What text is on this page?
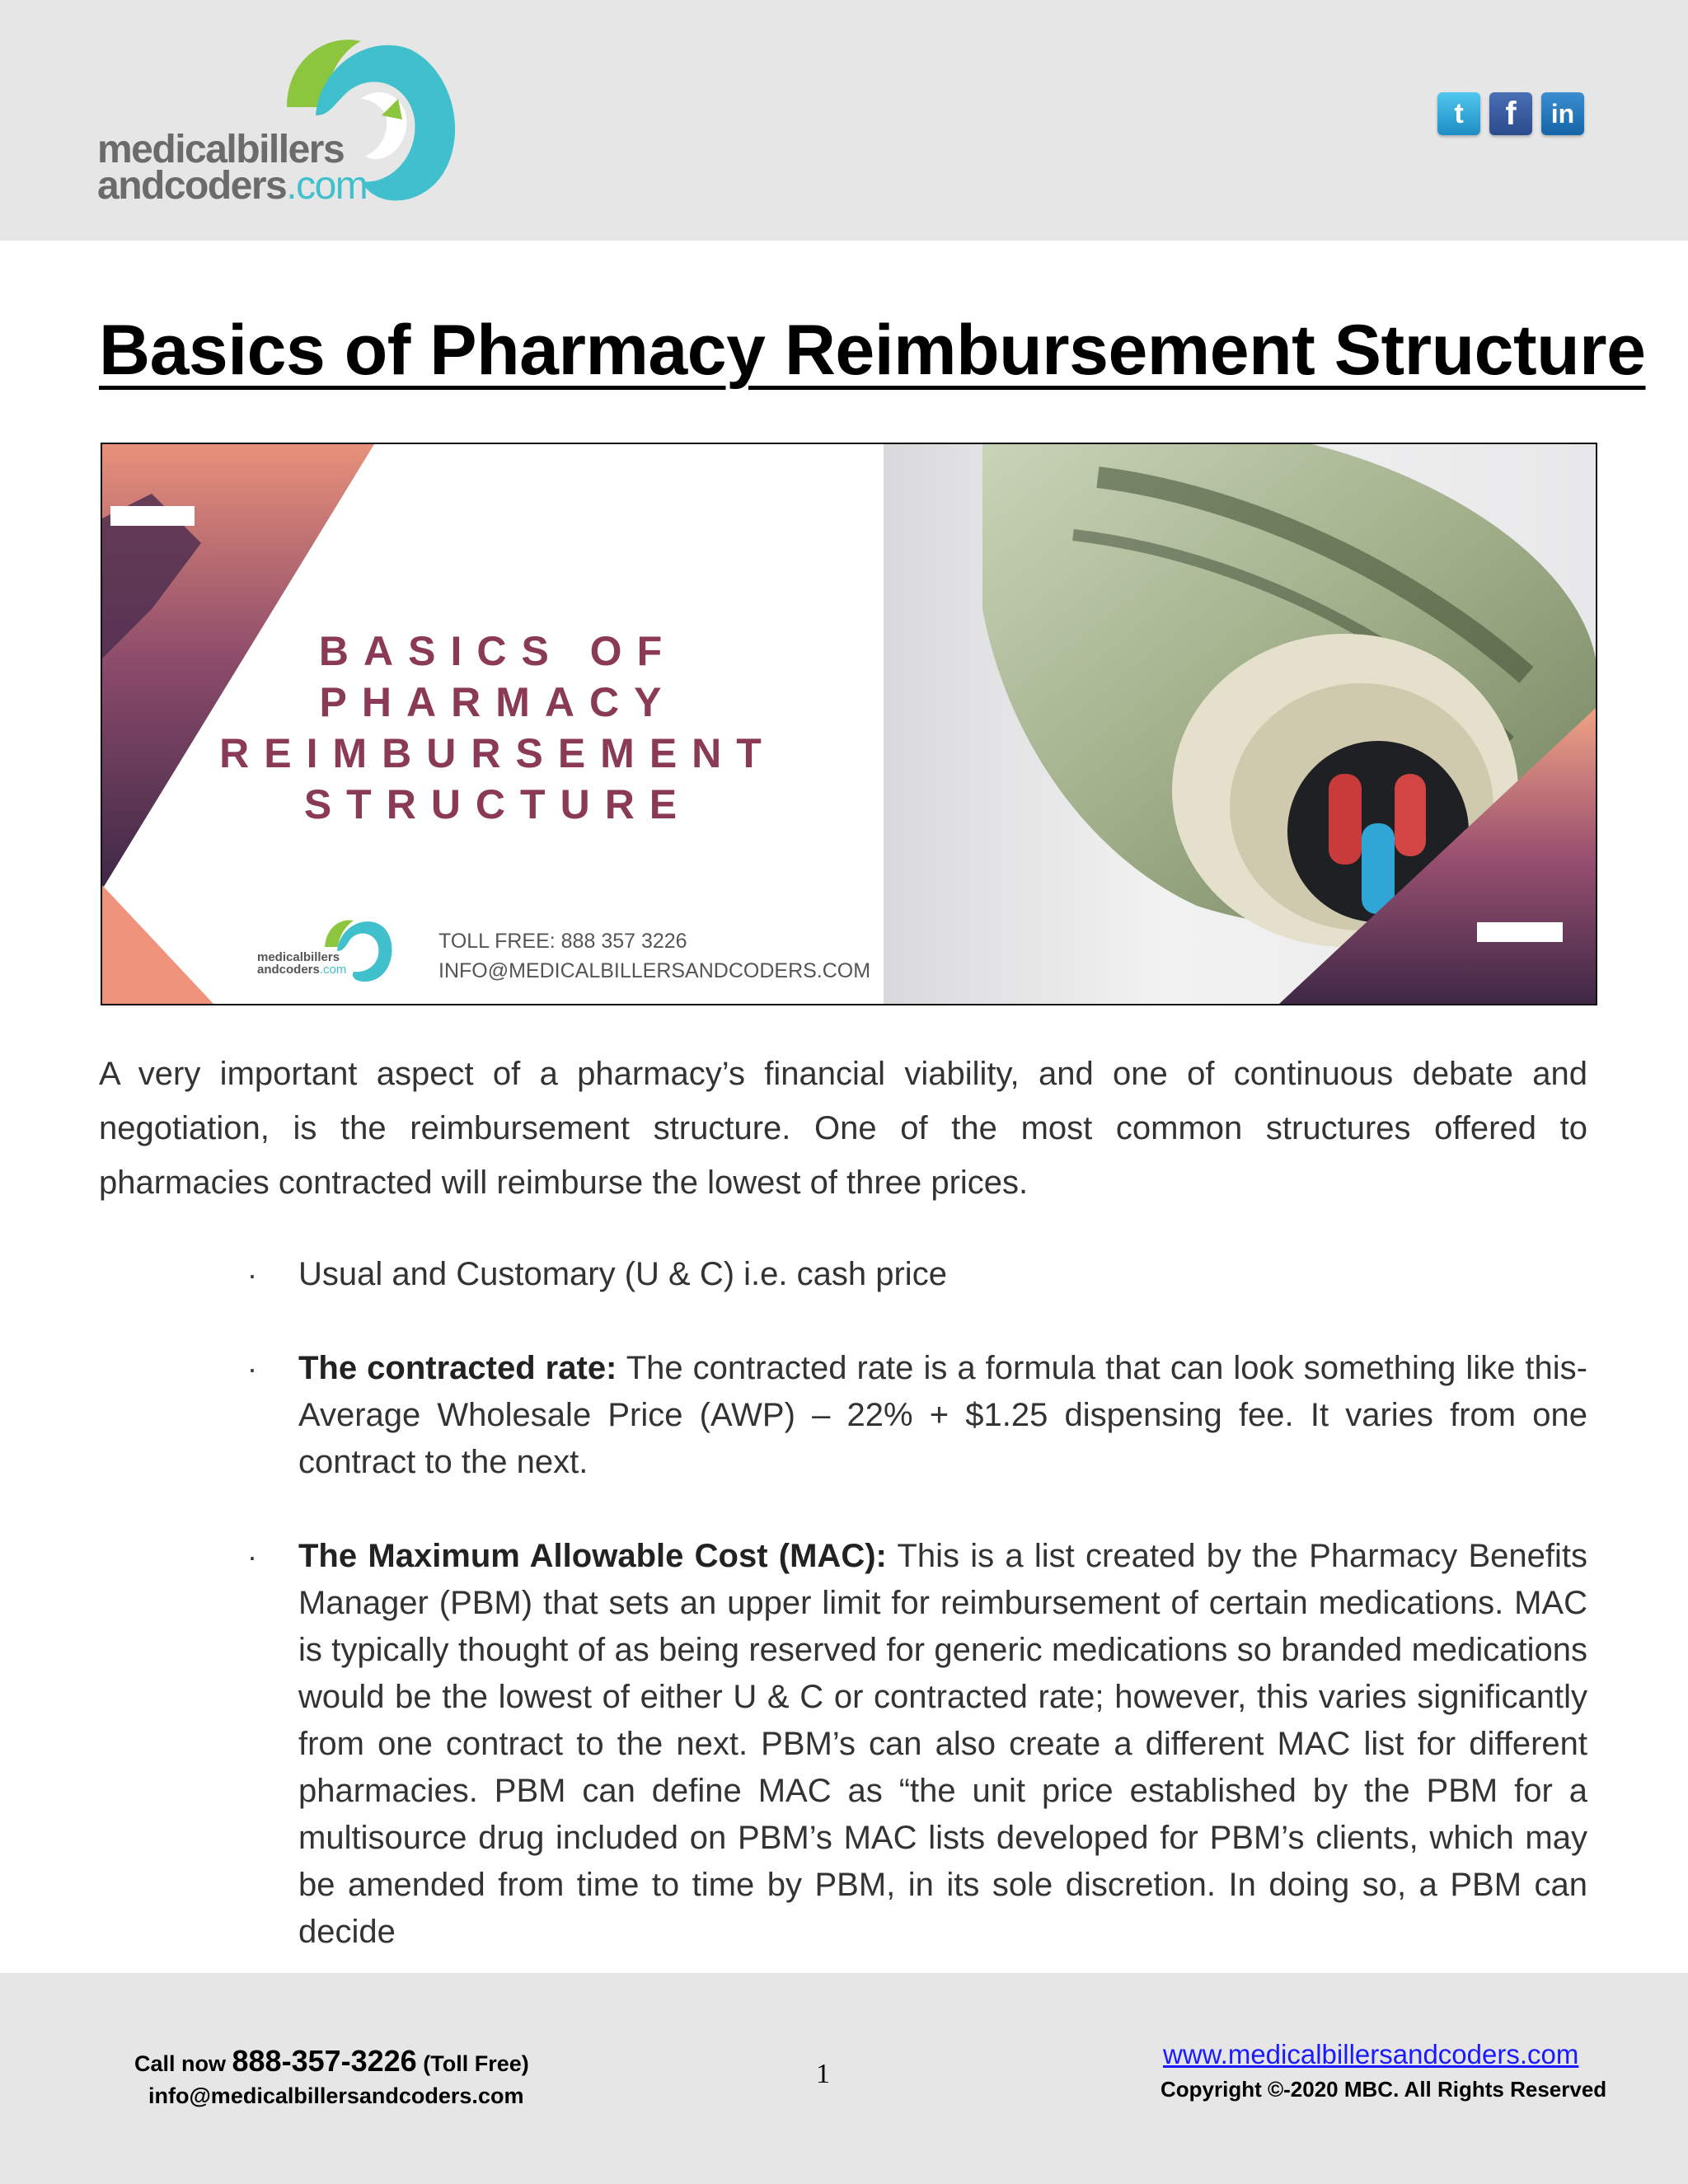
medicalbillers
andcoders.com
t f in
Basics of Pharmacy Reimbursement Structure
BASICS OF
PHARMACY
REIMBURSEMENT
STRUCTURE
medicalbillers
andcoders.com
TOLL FREE: 888 357 3226
INFO@MEDICALBILLERSANDCODERS.COM

A very important aspect of a pharmacy’s financial viability, and one of continuous debate and negotiation, is the reimbursement structure. One of the most common structures offered to pharmacies contracted will reimburse the lowest of three prices.

· Usual and Customary (U & C) i.e. cash price

· The contracted rate: The contracted rate is a formula that can look something like this- Average Wholesale Price (AWP) – 22% + $1.25 dispensing fee. It varies from one contract to the next.

· The Maximum Allowable Cost (MAC): This is a list created by the Pharmacy Benefits Manager (PBM) that sets an upper limit for reimbursement of certain medications. MAC is typically thought of as being reserved for generic medications so branded medications would be the lowest of either U & C or contracted rate; however, this varies significantly from one contract to the next. PBM’s can also create a different MAC list for different pharmacies. PBM can define MAC as “the unit price established by the PBM for a multisource drug included on PBM’s MAC lists developed for PBM’s clients, which may be amended from time to time by PBM, in its sole discretion. In doing so, a PBM can decide

Call now 888-357-3226 (Toll Free)
info@medicalbillersandcoders.com
1
www.medicalbillersandcoders.com
Copyright ©-2020 MBC. All Rights Reserved
